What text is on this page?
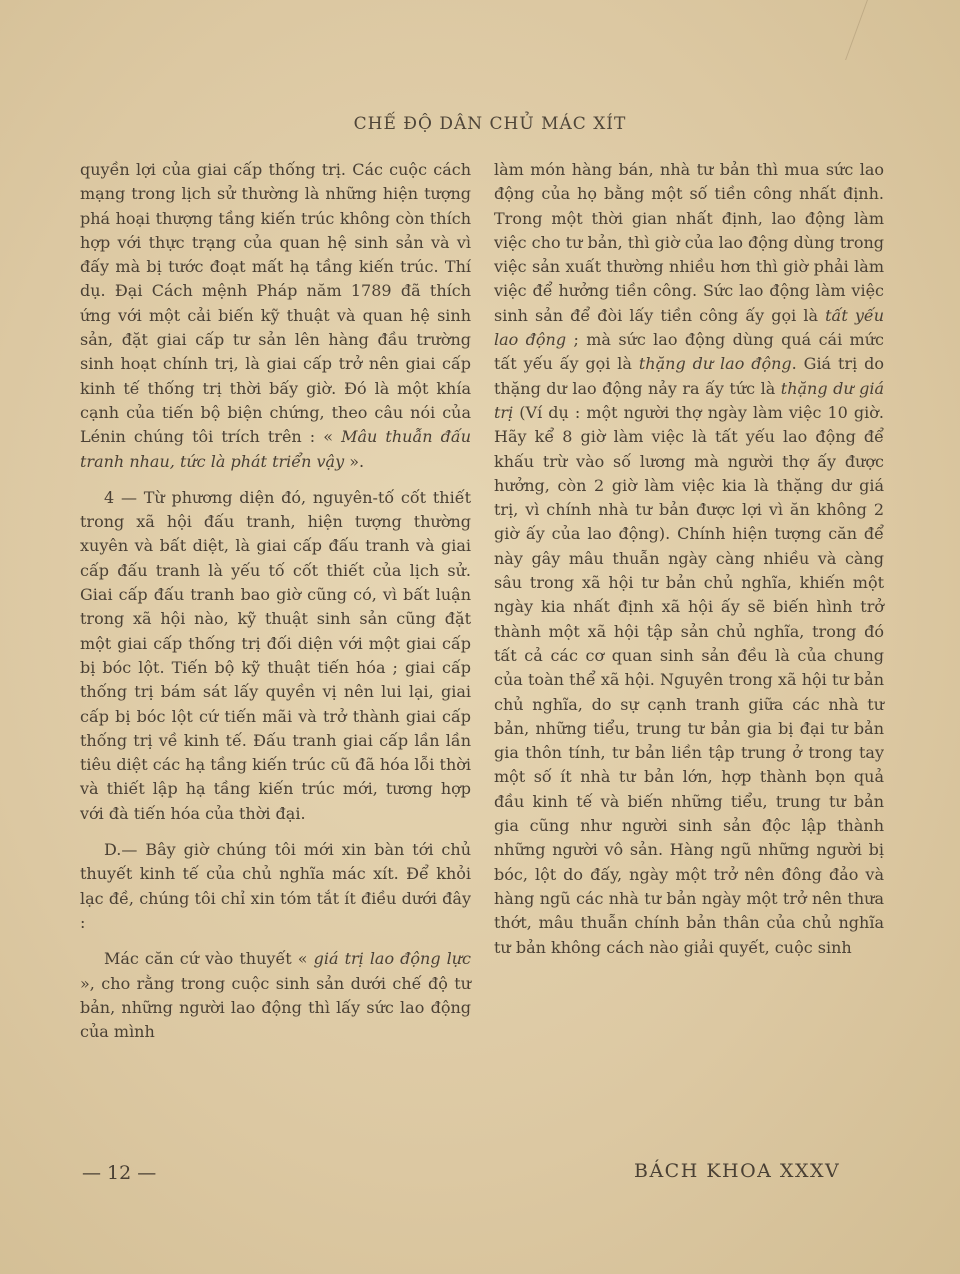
CHẾ ĐỘ DÂN CHỦ MÁC XÍT

quyền lợi của giai cấp thống trị. Các cuộc cách mạng trong lịch sử thường là những hiện tượng phá hoại thượng tầng kiến trúc không còn thích hợp với thực trạng của quan hệ sinh sản và vì đấy mà bị tước đoạt mất hạ tầng kiến trúc. Thí dụ. Đại Cách mệnh Pháp năm 1789 đã thích ứng với một cải biến kỹ thuật và quan hệ sinh sản, đặt giai cấp tư sản lên hàng đầu trường sinh hoạt chính trị, là giai cấp trở nên giai cấp kinh tế thống trị thời bấy giờ. Đó là một khía cạnh của tiến bộ biện chứng, theo câu nói của Lénin chúng tôi trích trên : « Mâu thuẫn đấu tranh nhau, tức là phát triển vậy ».

4 — Từ phương diện đó, nguyên-tố cốt thiết trong xã hội đấu tranh, hiện tượng thường xuyên và bất diệt, là giai cấp đấu tranh và giai cấp đấu tranh là yếu tố cốt thiết của lịch sử. Giai cấp đấu tranh bao giờ cũng có, vì bất luận trong xã hội nào, kỹ thuật sinh sản cũng đặt một giai cấp thống trị đối diện với một giai cấp bị bóc lột. Tiến bộ kỹ thuật tiến hóa ; giai cấp thống trị bám sát lấy quyền vị nên lui lại, giai cấp bị bóc lột cứ tiến mãi và trở thành giai cấp thống trị về kinh tế. Đấu tranh giai cấp lần lần tiêu diệt các hạ tầng kiến trúc cũ đã hóa lỗi thời và thiết lập hạ tầng kiến trúc mới, tương hợp với đà tiến hóa của thời đại.

D.— Bây giờ chúng tôi mới xin bàn tới chủ thuyết kinh tế của chủ nghĩa mác xít. Để khỏi lạc đề, chúng tôi chỉ xin tóm tắt ít điều dưới đây :

Mác căn cứ vào thuyết « giá trị lao động lực », cho rằng trong cuộc sinh sản dưới chế độ tư bản, những người lao động thì lấy sức lao động của mình

làm món hàng bán, nhà tư bản thì mua sức lao động của họ bằng một số tiền công nhất định. Trong một thời gian nhất định, lao động làm việc cho tư bản, thì giờ của lao động dùng trong việc sản xuất thường nhiều hơn thì giờ phải làm việc để hưởng tiền công. Sức lao động làm việc sinh sản để đòi lấy tiền công ấy gọi là tất yếu lao động ; mà sức lao động dùng quá cái mức tất yếu ấy gọi là thặng dư lao động. Giá trị do thặng dư lao động nảy ra ấy tức là thặng dư giá trị (Ví dụ : một người thợ ngày làm việc 10 giờ. Hãy kể 8 giờ làm việc là tất yếu lao động để khấu trừ vào số lương mà người thợ ấy được hưởng, còn 2 giờ làm việc kia là thặng dư giá trị, vì chính nhà tư bản được lợi vì ăn không 2 giờ ấy của lao động). Chính hiện tượng căn để này gây mâu thuẫn ngày càng nhiều và càng sâu trong xã hội tư bản chủ nghĩa, khiến một ngày kia nhất định xã hội ấy sẽ biến hình trở thành một xã hội tập sản chủ nghĩa, trong đó tất cả các cơ quan sinh sản đều là của chung của toàn thể xã hội. Nguyên trong xã hội tư bản chủ nghĩa, do sự cạnh tranh giữa các nhà tư bản, những tiểu, trung tư bản gia bị đại tư bản gia thôn tính, tư bản liền tập trung ở trong tay một số ít nhà tư bản lớn, hợp thành bọn quả đầu kinh tế và biến những tiểu, trung tư bản gia cũng như người sinh sản độc lập thành những người vô sản. Hàng ngũ những người bị bóc, lột do đấy, ngày một trở nên đông đảo và hàng ngũ các nhà tư bản ngày một trở nên thưa thớt, mâu thuẫn chính bản thân của chủ nghĩa tư bản không cách nào giải quyết, cuộc sinh

— 12 —	BÁCH KHOA XXXV
